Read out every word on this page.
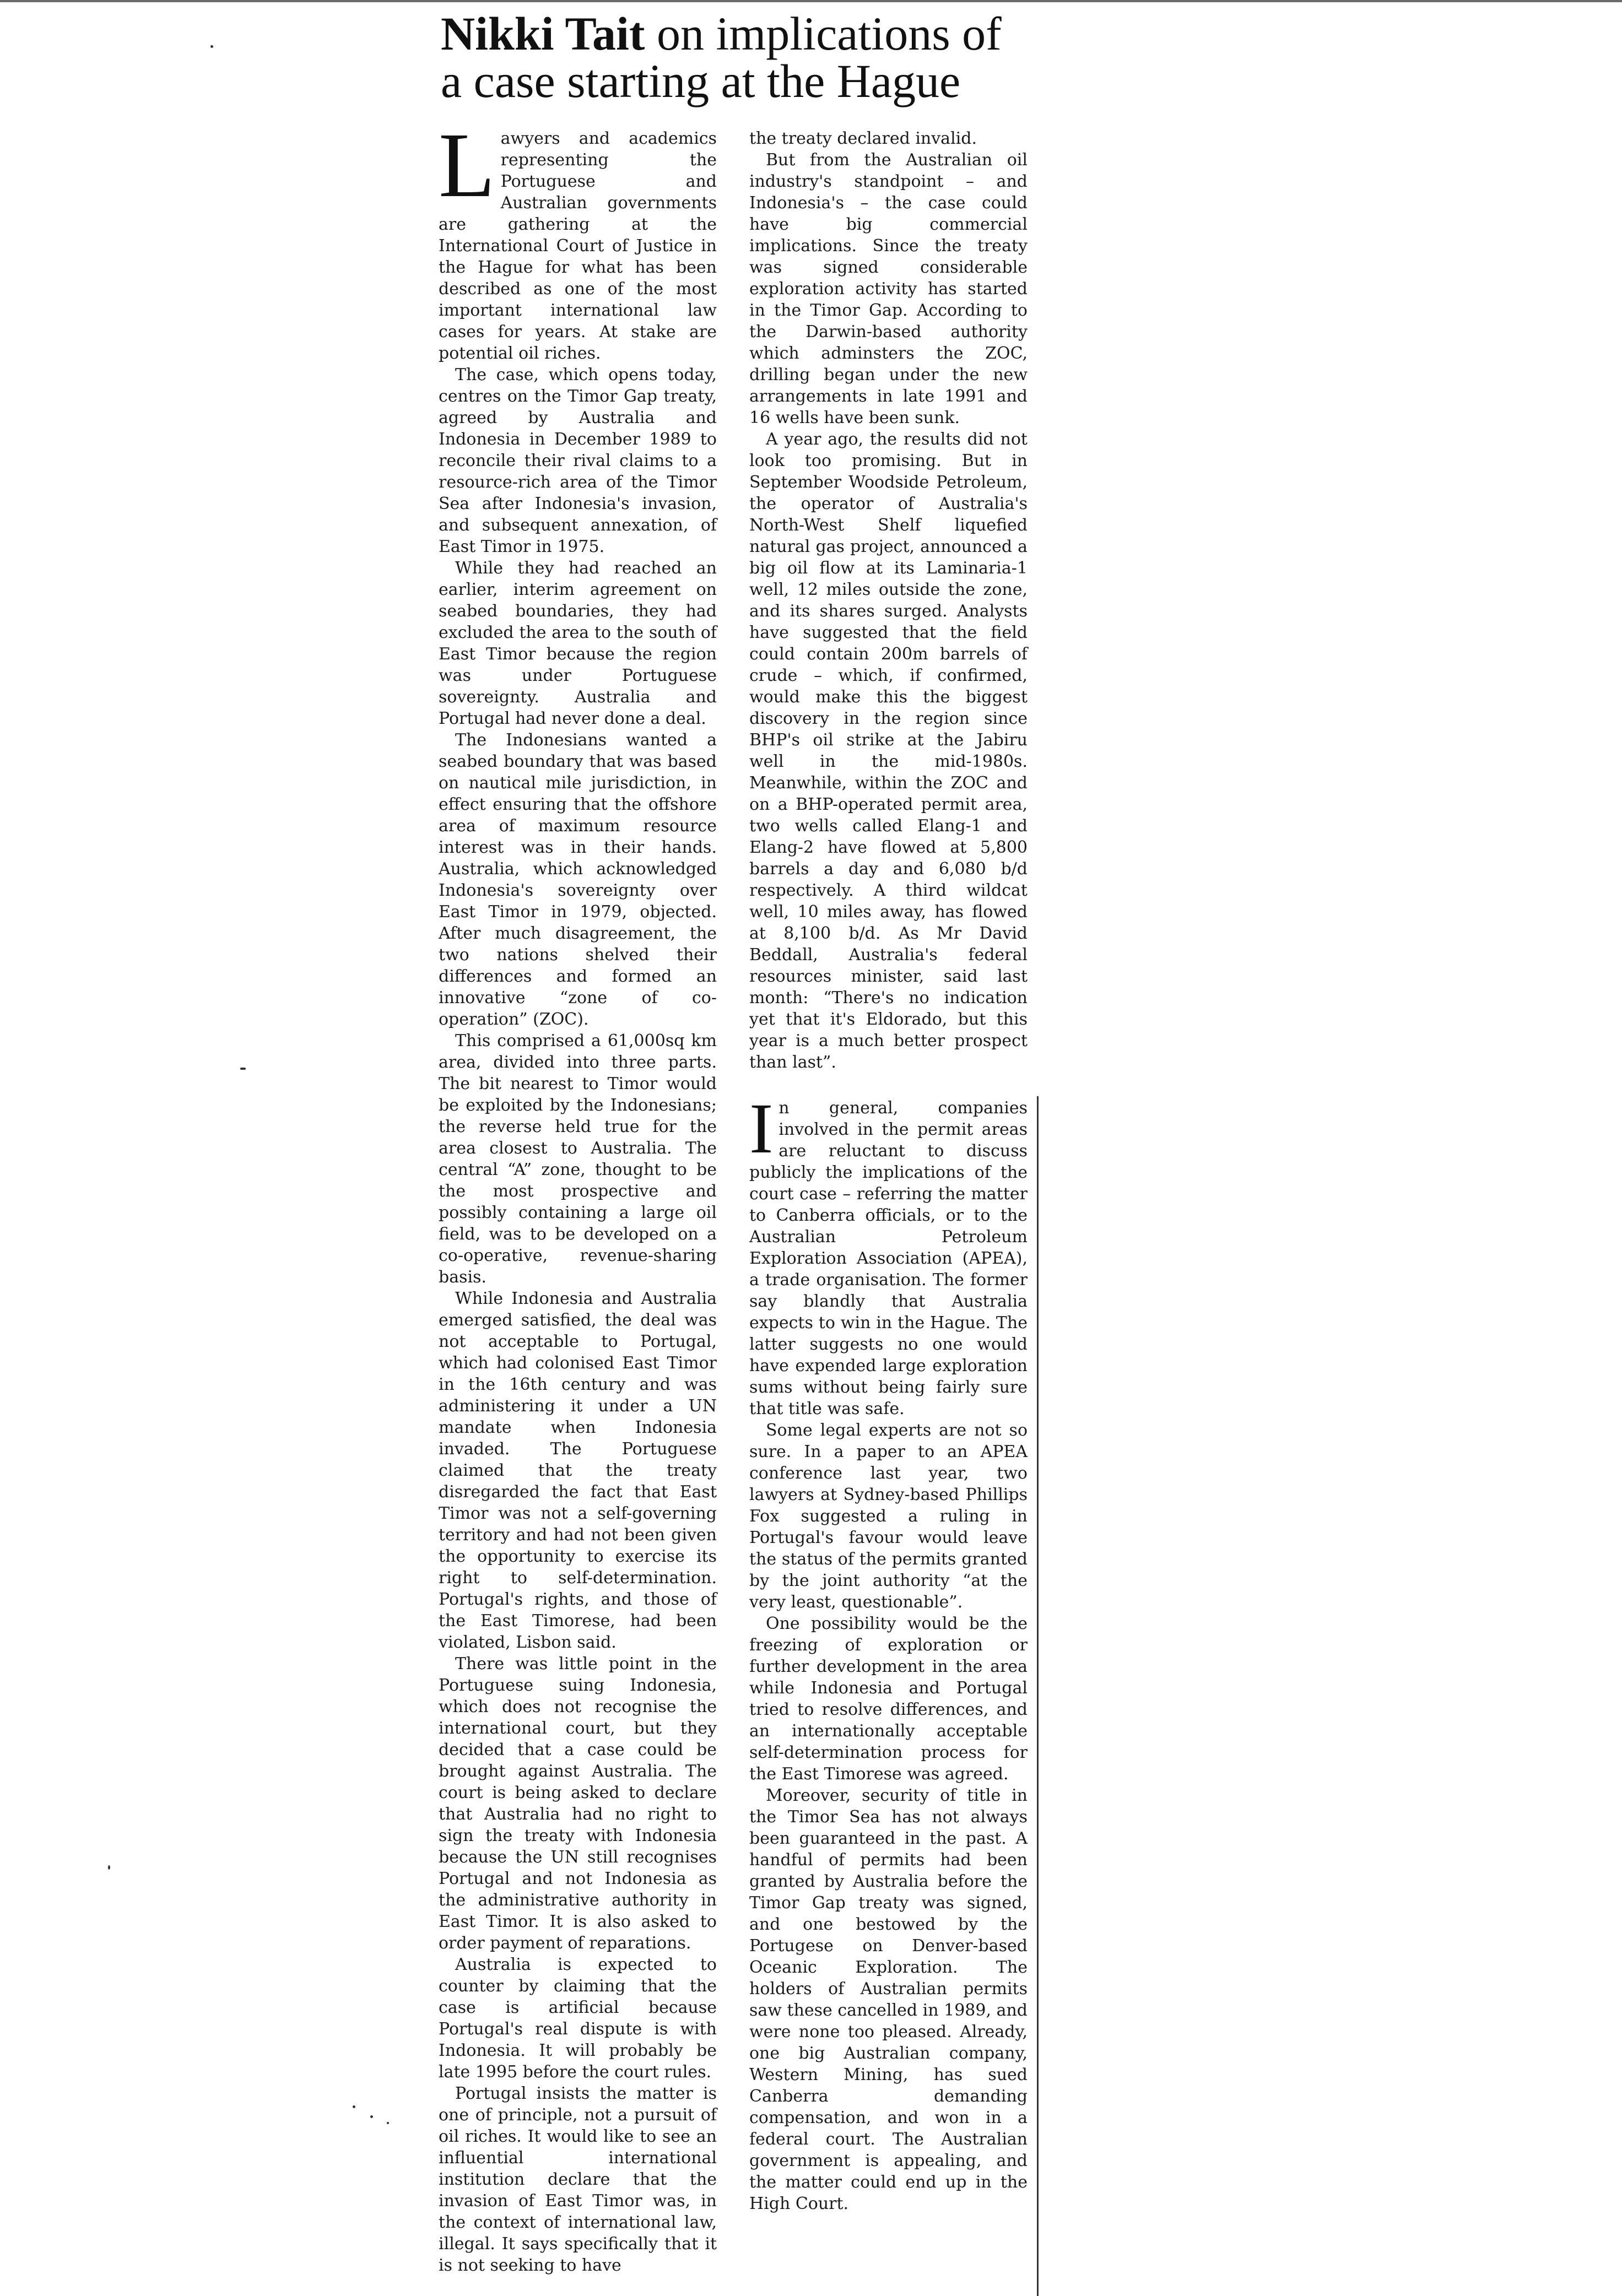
Nikki Tait on implications of
a case starting at the Hague

Lawyers and academics representing the Portuguese and Australian governments are gathering at the International Court of Justice in the Hague for what has been described as one of the most important international law cases for years. At stake are potential oil riches.

The case, which opens today, centres on the Timor Gap treaty, agreed by Australia and Indonesia in December 1989 to reconcile their rival claims to a resource-rich area of the Timor Sea after Indonesia's invasion, and subsequent annexation, of East Timor in 1975.

While they had reached an earlier, interim agreement on seabed boundaries, they had excluded the area to the south of East Timor because the region was under Portuguese sovereignty. Australia and Portugal had never done a deal.

The Indonesians wanted a seabed boundary that was based on nautical mile jurisdiction, in effect ensuring that the offshore area of maximum resource interest was in their hands. Australia, which acknowledged Indonesia's sovereignty over East Timor in 1979, objected. After much disagreement, the two nations shelved their differences and formed an innovative “zone of co-operation” (ZOC).

This comprised a 61,000sq km area, divided into three parts. The bit nearest to Timor would be exploited by the Indonesians; the reverse held true for the area closest to Australia. The central “A” zone, thought to be the most prospective and possibly containing a large oil field, was to be developed on a co-operative, revenue-sharing basis.

While Indonesia and Australia emerged satisfied, the deal was not acceptable to Portugal, which had colonised East Timor in the 16th century and was administering it under a UN mandate when Indonesia invaded. The Portuguese claimed that the treaty disregarded the fact that East Timor was not a self-governing territory and had not been given the opportunity to exercise its right to self-determination. Portugal's rights, and those of the East Timorese, had been violated, Lisbon said.

There was little point in the Portuguese suing Indonesia, which does not recognise the international court, but they decided that a case could be brought against Australia. The court is being asked to declare that Australia had no right to sign the treaty with Indonesia because the UN still recognises Portugal and not Indonesia as the administrative authority in East Timor. It is also asked to order payment of reparations.

Australia is expected to counter by claiming that the case is artificial because Portugal's real dispute is with Indonesia. It will probably be late 1995 before the court rules.

Portugal insists the matter is one of principle, not a pursuit of oil riches. It would like to see an influential international institution declare that the invasion of East Timor was, in the context of international law, illegal. It says specifically that it is not seeking to have

the treaty declared invalid.

But from the Australian oil industry's standpoint – and Indonesia's – the case could have big commercial implications. Since the treaty was signed considerable exploration activity has started in the Timor Gap. According to the Darwin-based authority which adminsters the ZOC, drilling began under the new arrangements in late 1991 and 16 wells have been sunk.

A year ago, the results did not look too promising. But in September Woodside Petroleum, the operator of Australia's North-West Shelf liquefied natural gas project, announced a big oil flow at its Laminaria-1 well, 12 miles outside the zone, and its shares surged. Analysts have suggested that the field could contain 200m barrels of crude – which, if confirmed, would make this the biggest discovery in the region since BHP's oil strike at the Jabiru well in the mid-1980s. Meanwhile, within the ZOC and on a BHP-operated permit area, two wells called Elang-1 and Elang-2 have flowed at 5,800 barrels a day and 6,080 b/d respectively. A third wildcat well, 10 miles away, has flowed at 8,100 b/d. As Mr David Beddall, Australia's federal resources minister, said last month: “There's no indication yet that it's Eldorado, but this year is a much better prospect than last”.

In general, companies involved in the permit areas are reluctant to discuss publicly the implications of the court case – referring the matter to Canberra officials, or to the Australian Petroleum Exploration Association (APEA), a trade organisation. The former say blandly that Australia expects to win in the Hague. The latter suggests no one would have expended large exploration sums without being fairly sure that title was safe.

Some legal experts are not so sure. In a paper to an APEA conference last year, two lawyers at Sydney-based Phillips Fox suggested a ruling in Portugal's favour would leave the status of the permits granted by the joint authority “at the very least, questionable”.

One possibility would be the freezing of exploration or further development in the area while Indonesia and Portugal tried to resolve differences, and an internationally acceptable self-determination process for the East Timorese was agreed.

Moreover, security of title in the Timor Sea has not always been guaranteed in the past. A handful of permits had been granted by Australia before the Timor Gap treaty was signed, and one bestowed by the Portugese on Denver-based Oceanic Exploration. The holders of Australian permits saw these cancelled in 1989, and were none too pleased. Already, one big Australian company, Western Mining, has sued Canberra demanding compensation, and won in a federal court. The Australian government is appealing, and the matter could end up in the High Court.
